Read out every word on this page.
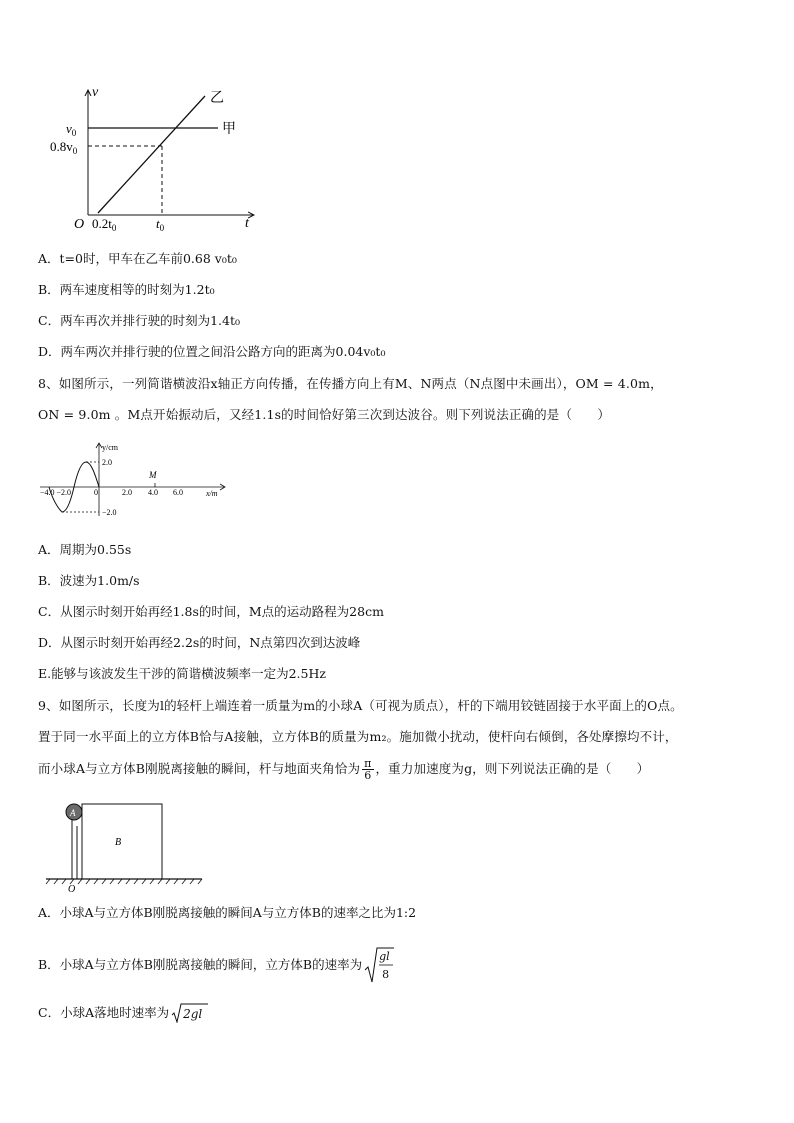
v
t
O
$v_0$
$0.8v_0$
$0.2t_0$	$t_0$
甲
乙
A．t=0时，甲车在乙车前0.68 v₀t₀
B．两车速度相等的时刻为1.2t₀
C．两车再次并排行驶的时刻为1.4t₀
D．两车两次并排行驶的位置之间沿公路方向的距离为0.04v₀t₀
8、如图所示，一列简谐横波沿x轴正方向传播，在传播方向上有M、N两点（N点图中未画出），OM = 4.0m，
ON = 9.0m 。M点开始振动后，又经1.1s的时间恰好第三次到达波谷。则下列说法正确的是（　　）
y/cm
2.0
−2.0
M
−4.0 −2.0	0	2.0 4.0 6.0	x/m
A．周期为0.55s
B．波速为1.0m/s
C．从图示时刻开始再经1.8s的时间，M点的运动路程为28cm
D．从图示时刻开始再经2.2s的时间，N点第四次到达波峰
E.能够与该波发生干涉的简谐横波频率一定为2.5Hz
9、如图所示，长度为l的轻杆上端连着一质量为m的小球A（可视为质点），杆的下端用铰链固接于水平面上的O点。
置于同一水平面上的立方体B恰与A接触，立方体B的质量为m₂。施加微小扰动，使杆向右倾倒，各处摩擦均不计，
而小球A与立方体B刚脱离接触的瞬间，杆与地面夹角恰为 $\frac{\pi}{6}$ ，重力加速度为g，则下列说法正确的是（　　）
A
B
O
A．小球A与立方体B刚脱离接触的瞬间A与立方体B的速率之比为1:2
B．小球A与立方体B刚脱离接触的瞬间，立方体B的速率为
gl
8
C．小球A落地时速率为 2gl
